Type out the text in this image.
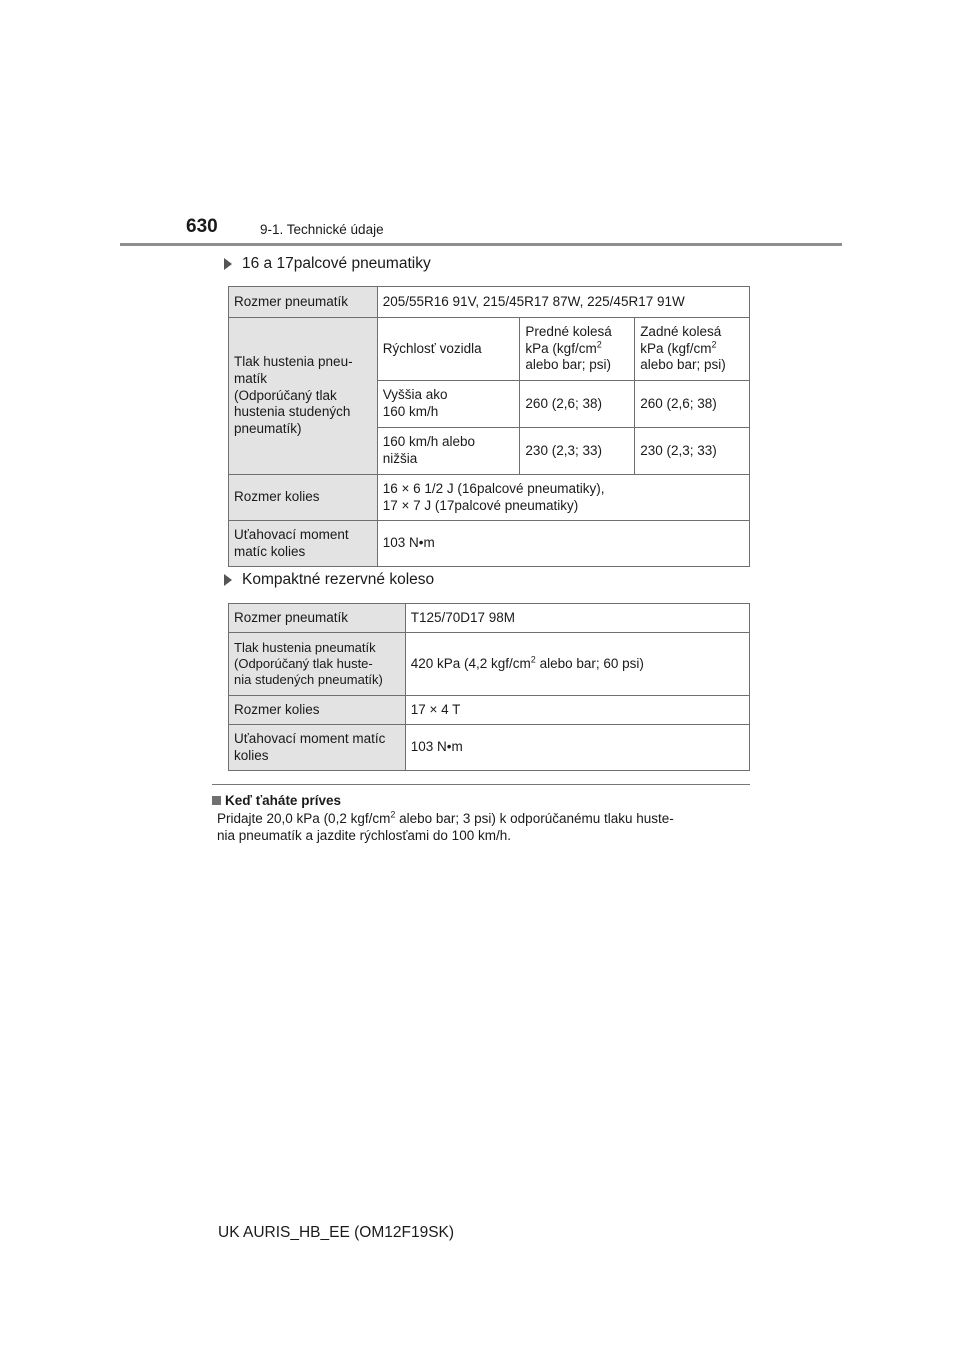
630	9-1. Technické údaje
16 a 17palcové pneumatiky
Rozmer pneumatík	205/55R16 91V, 215/45R17 87W, 225/45R17 91W		
Tlak hustenia pneu-
matík
(Odporúčaný tlak
hustenia studených
pneumatík)	Rýchlosť vozidla	Predné kolesá
kPa ($kgf/cm^2$
alebo bar; psi)	Zadné kolesá
kPa ($kgf/cm^2$
alebo bar; psi)
	Vyššia ako
160 km/h	260 (2,6; 38)	260 (2,6; 38)
	160 km/h alebo
nižšia	230 (2,3; 33)	230 (2,3; 33)
Rozmer kolies	16 × 6 1/2 J (16palcové pneumatiky),
17 × 7 J (17palcové pneumatiky)		
Uťahovací moment
matíc kolies	103 N•m		
Kompaktné rezervné koleso
Rozmer pneumatík	T125/70D17 98M
Tlak hustenia pneumatík
(Odporúčaný tlak huste-
nia studených pneumatík)	420 kPa (4,2 kgf/$cm^2$ alebo bar; 60 psi)
Rozmer kolies	17 × 4 T
Uťahovací moment matíc
kolies	103 N•m
Keď ťaháte príves
Pridajte 20,0 kPa (0,2 kgf/$cm^2$ alebo bar; 3 psi) k odporúčanému tlaku huste-
nia pneumatík a jazdite rýchlosťami do 100 km/h.
UK AURIS_HB_EE (OM12F19SK)
